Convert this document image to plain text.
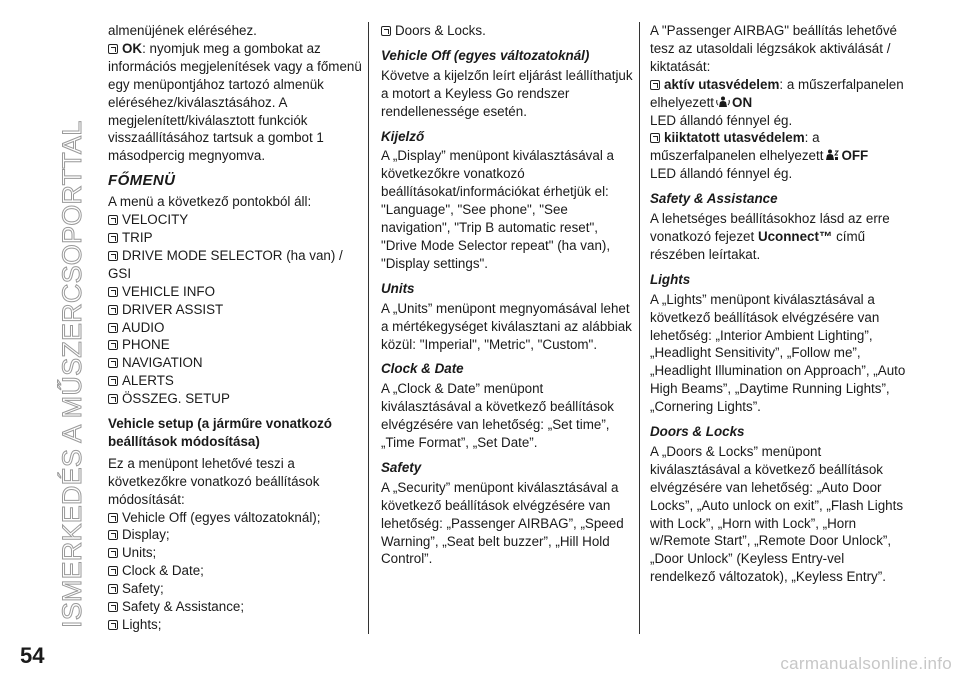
ISMERKEDÉS A MŰSZERCSOPORTTAL
54	carmanualsonline.info

almenüjének eléréséhez.

OK: nyomjuk meg a gombokat az információs megjelenítések vagy a főmenü egy menüpontjához tartozó almenük eléréséhez/kiválasztásához. A megjelenített/kiválasztott funkciók visszaállításához tartsuk a gombot 1 másodpercig megnyomva.

FŐMENÜ

A menü a következő pontokból áll:

VELOCITY

TRIP

DRIVE MODE SELECTOR (ha van) / GSI

VEHICLE INFO

DRIVER ASSIST

AUDIO

PHONE

NAVIGATION

ALERTS

ÖSSZEG. SETUP

Vehicle setup (a járműre vonatkozó beállítások módosítása)

Ez a menüpont lehetővé teszi a következőkre vonatkozó beállítások módosítását:

Vehicle Off (egyes változatoknál);

Display;

Units;

Clock & Date;

Safety;

Safety & Assistance;

Lights;

Doors & Locks.

Vehicle Off (egyes változatoknál)

Követve a kijelzőn leírt eljárást leállíthatjuk a motort a Keyless Go rendszer rendellenessége esetén.

Kijelző

A „Display” menüpont kiválasztásával a következőkre vonatkozó beállításokat/információkat érhetjük el: "Language", "See phone", "See navigation", "Trip B automatic reset", "Drive Mode Selector repeat" (ha van), "Display settings".

Units

A „Units” menüpont megnyomásával lehet a mértékegységet kiválasztani az alábbiak közül: "Imperial", "Metric", "Custom".

Clock & Date

A „Clock & Date” menüpont kiválasztásával a következő beállítások elvégzésére van lehetőség: „Set time”, „Time Format”, „Set Date”.

Safety

A „Security” menüpont kiválasztásával a következő beállítások elvégzésére van lehetőség: „Passenger AIRBAG”, „Speed Warning”, „Seat belt buzzer”, „Hill Hold Control”.

A "Passenger AIRBAG" beállítás lehetővé tesz az utasoldali légzsákok aktiválását / kiktatását:

aktív utasvédelem: a műszerfalpanelen elhelyezett ON
LED állandó fénnyel ég.

kiiktatott utasvédelem: a műszerfalpanelen elhelyezett OFF
LED állandó fénnyel ég.

Safety & Assistance

A lehetséges beállításokhoz lásd az erre vonatkozó fejezet Uconnect™ című részében leírtakat.

Lights

A „Lights” menüpont kiválasztásával a következő beállítások elvégzésére van lehetőség: „Interior Ambient Lighting”, „Headlight Sensitivity”, „Follow me”, „Headlight Illumination on Approach”, „Auto High Beams”, „Daytime Running Lights”, „Cornering Lights”.

Doors & Locks

A „Doors & Locks” menüpont kiválasztásával a következő beállítások elvégzésére van lehetőség: „Auto Door Locks”, „Auto unlock on exit”, „Flash Lights with Lock”, „Horn with Lock”, „Horn w/Remote Start”, „Remote Door Unlock”, „Door Unlock” (Keyless Entry-vel rendelkező változatok), „Keyless Entry”.
